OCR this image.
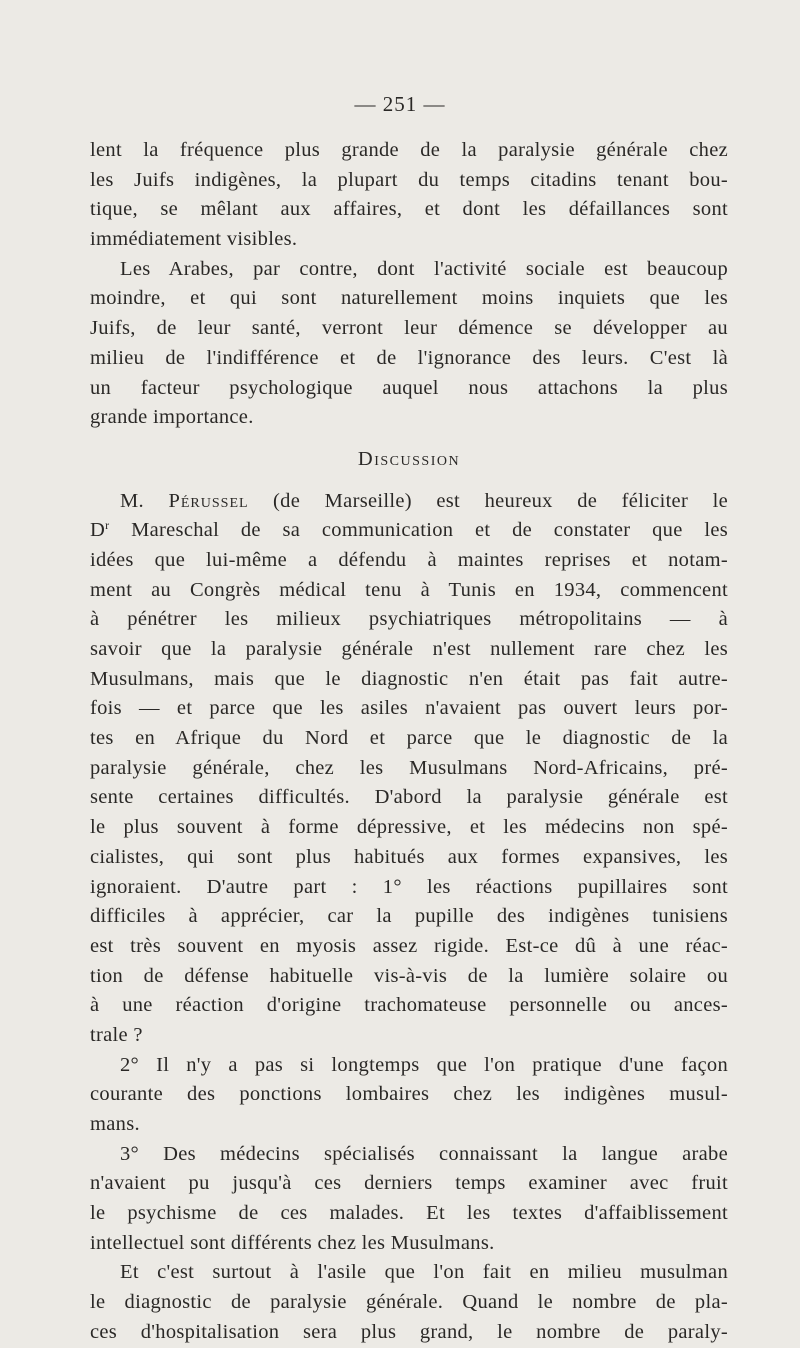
— 251 —
lent la fréquence plus grande de la paralysie générale chez
les Juifs indigènes, la plupart du temps citadins tenant bou-
tique, se mêlant aux affaires, et dont les défaillances sont
immédiatement visibles.
Les Arabes, par contre, dont l'activité sociale est beaucoup
moindre, et qui sont naturellement moins inquiets que les
Juifs, de leur santé, verront leur démence se développer au
milieu de l'indifférence et de l'ignorance des leurs. C'est là
un facteur psychologique auquel nous attachons la plus
grande importance.
Discussion
M. Pérussel (de Marseille) est heureux de féliciter le
$D^r$ Mareschal de sa communication et de constater que les
idées que lui-même a défendu à maintes reprises et notam-
ment au Congrès médical tenu à Tunis en 1934, commencent
à pénétrer les milieux psychiatriques métropolitains — à
savoir que la paralysie générale n'est nullement rare chez les
Musulmans, mais que le diagnostic n'en était pas fait autre-
fois — et parce que les asiles n'avaient pas ouvert leurs por-
tes en Afrique du Nord et parce que le diagnostic de la
paralysie générale, chez les Musulmans Nord-Africains, pré-
sente certaines difficultés. D'abord la paralysie générale est
le plus souvent à forme dépressive, et les médecins non spé-
cialistes, qui sont plus habitués aux formes expansives, les
ignoraient. D'autre part : 1° les réactions pupillaires sont
difficiles à apprécier, car la pupille des indigènes tunisiens
est très souvent en myosis assez rigide. Est-ce dû à une réac-
tion de défense habituelle vis-à-vis de la lumière solaire ou
à une réaction d'origine trachomateuse personnelle ou ances-
trale ?
2° Il n'y a pas si longtemps que l'on pratique d'une façon
courante des ponctions lombaires chez les indigènes musul-
mans.
3° Des médecins spécialisés connaissant la langue arabe
n'avaient pu jusqu'à ces derniers temps examiner avec fruit
le psychisme de ces malades. Et les textes d'affaiblissement
intellectuel sont différents chez les Musulmans.
Et c'est surtout à l'asile que l'on fait en milieu musulman
le diagnostic de paralysie générale. Quand le nombre de pla-
ces d'hospitalisation sera plus grand, le nombre de paraly-
